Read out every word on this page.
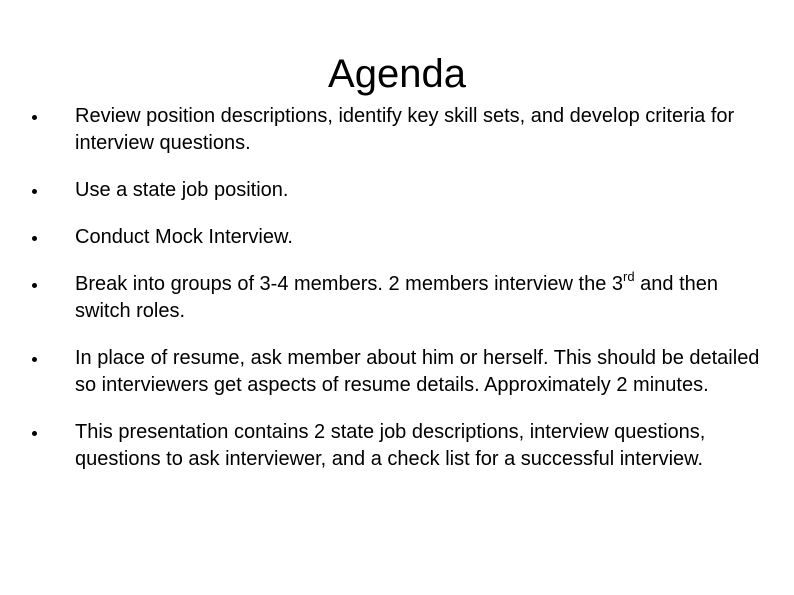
Agenda
Review position descriptions, identify key skill sets, and develop criteria for interview questions.
Use a state job position.
Conduct Mock Interview.
Break into groups of 3-4 members. 2 members interview the 3rd and then switch roles.
In place of resume, ask member about him or herself. This should be detailed so interviewers get aspects of resume details. Approximately 2 minutes.
This presentation contains 2 state job descriptions, interview questions, questions to ask interviewer, and a check list for a successful interview.
